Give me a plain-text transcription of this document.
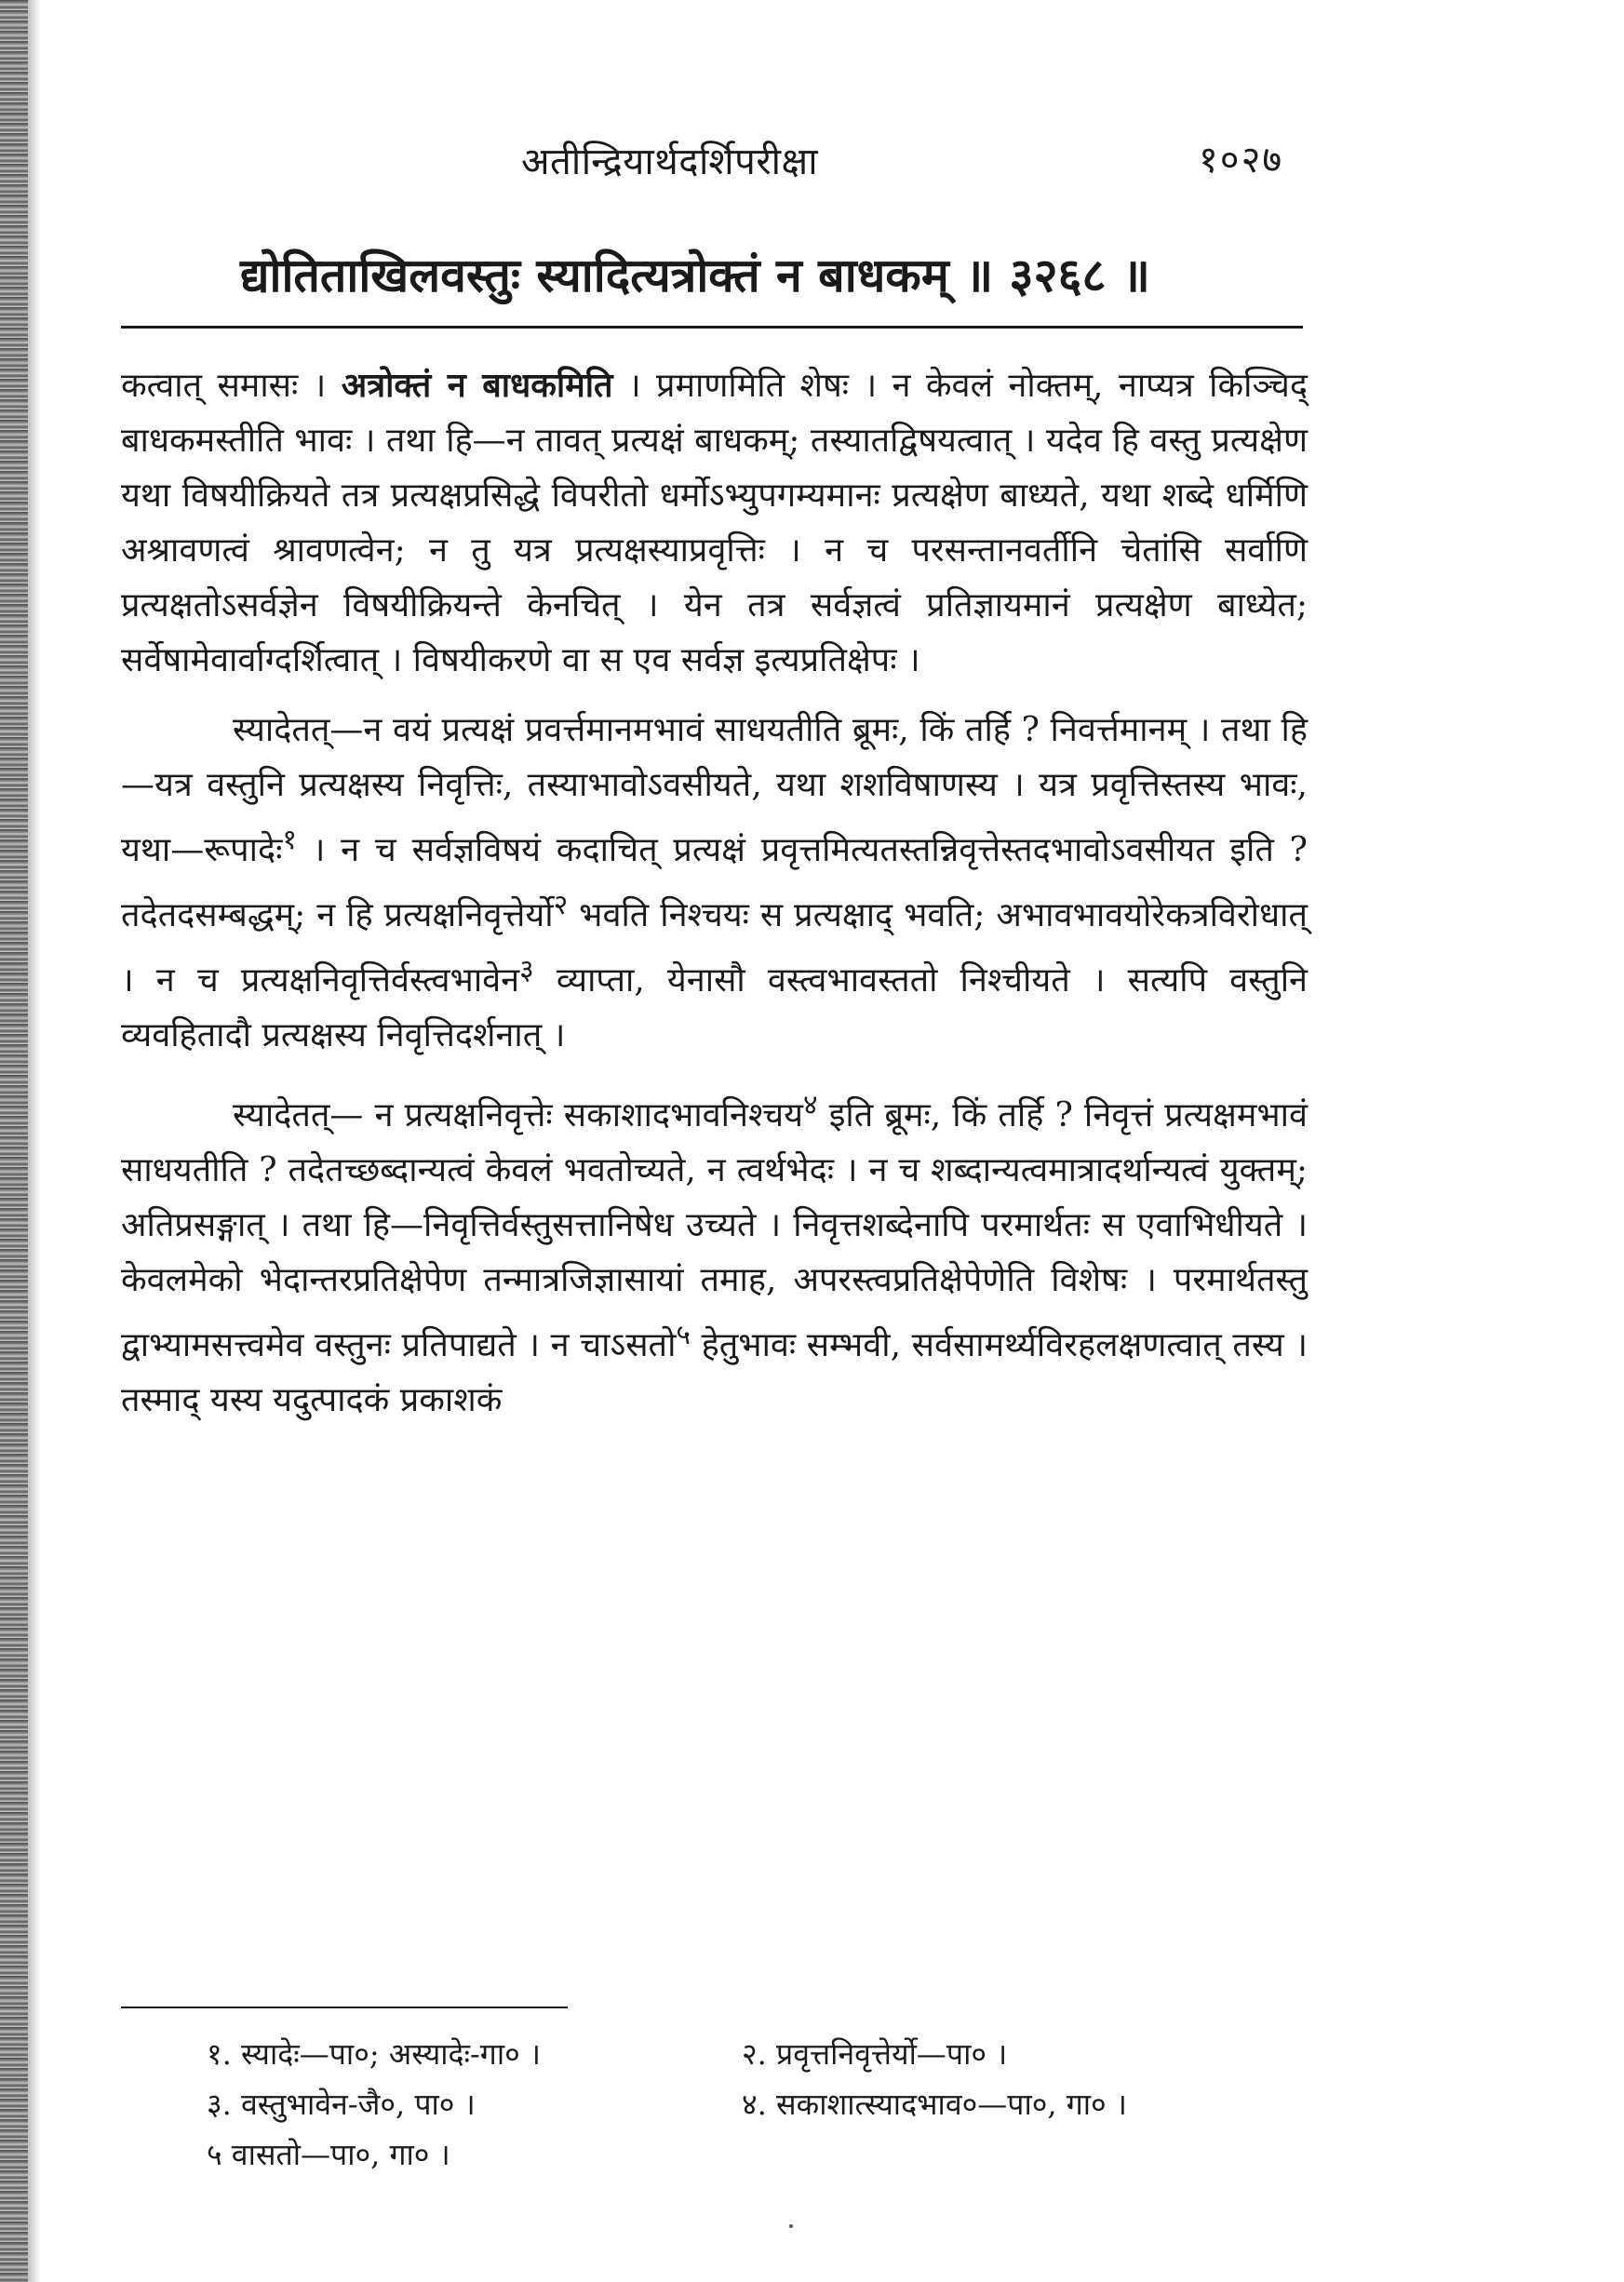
अतीन्द्रियार्थदर्शिपरीक्षा	१०२७
द्योतिताखिलवस्तुः स्यादित्यत्रोक्तं न बाधकम् ॥ ३२६८ ॥

कत्वात् समासः । अत्रोक्तं न बाधकमिति । प्रमाणमिति शेषः । न केवलं नोक्तम्, नाप्यत्र किञ्चिद् बाधकमस्तीति भावः । तथा हि—न तावत् प्रत्यक्षं बाधकम्; तस्यातद्विषयत्वात् । यदेव हि वस्तु प्रत्यक्षेण यथा विषयीक्रियते तत्र प्रत्यक्षप्रसिद्धे विपरीतो धर्मोऽभ्युपगम्यमानः प्रत्यक्षेण बाध्यते, यथा शब्दे धर्मिणि अश्रावणत्वं श्रावणत्वेन; न तु यत्र प्रत्यक्षस्याप्रवृत्तिः । न च परसन्तानवर्तीनि चेतांसि सर्वाणि प्रत्यक्षतोऽसर्वज्ञेन विषयीक्रियन्ते केनचित् । येन तत्र सर्वज्ञत्वं प्रतिज्ञायमानं प्रत्यक्षेण बाध्येत; सर्वेषामेवार्वाग्दर्शित्वात् । विषयीकरणे वा स एव सर्वज्ञ इत्यप्रतिक्षेपः ।

स्यादेतत्—न वयं प्रत्यक्षं प्रवर्त्तमानमभावं साधयतीति ब्रूमः, किं तर्हि ? निवर्त्तमानम् । तथा हि—यत्र वस्तुनि प्रत्यक्षस्य निवृत्तिः, तस्याभावोऽवसीयते, यथा शशविषाणस्य । यत्र प्रवृत्तिस्तस्य भावः, यथा—रूपादेः$^१$ । न च सर्वज्ञविषयं कदाचित् प्रत्यक्षं प्रवृत्तमित्यतस्तन्निवृत्तेस्तदभावोऽवसीयत इति ? तदेतदसम्बद्धम्; न हि प्रत्यक्षनिवृत्तेर्यो$^२$ भवति निश्चयः स प्रत्यक्षाद् भवति; अभावभावयोरेकत्रविरोधात् । न च प्रत्यक्षनिवृत्तिर्वस्त्वभावेन$^३$ व्याप्ता, येनासौ वस्त्वभावस्ततो निश्चीयते । सत्यपि वस्तुनि व्यवहितादौ प्रत्यक्षस्य निवृत्तिदर्शनात् ।

स्यादेतत्— न प्रत्यक्षनिवृत्तेः सकाशादभावनिश्चय$^४$ इति ब्रूमः, किं तर्हि ? निवृत्तं प्रत्यक्षमभावं साधयतीति ? तदेतच्छब्दान्यत्वं केवलं भवतोच्यते, न त्वर्थभेदः । न च शब्दान्यत्वमात्रादर्थान्यत्वं युक्तम्; अतिप्रसङ्गात् । तथा हि—निवृत्तिर्वस्तुसत्तानिषेध उच्यते । निवृत्तशब्देनापि परमार्थतः स एवाभिधीयते । केवलमेको भेदान्तरप्रतिक्षेपेण तन्मात्रजिज्ञासायां तमाह, अपरस्त्वप्रतिक्षेपेणेति विशेषः । परमार्थतस्तु द्वाभ्यामसत्त्वमेव वस्तुनः प्रतिपाद्यते । न चाऽसतो$^५$ हेतुभावः सम्भवी, सर्वसामर्थ्यविरहलक्षणत्वात् तस्य । तस्माद् यस्य यदुत्पादकं प्रकाशकं

१. स्यादेः—पा०; अस्यादेः-गा० ।	२. प्रवृत्तनिवृत्तेर्यो—पा० ।
३. वस्तुभावेन-जै०, पा० ।	४. सकाशात्स्यादभाव०—पा०, गा० ।
५ वासतो—पा०, गा० ।
